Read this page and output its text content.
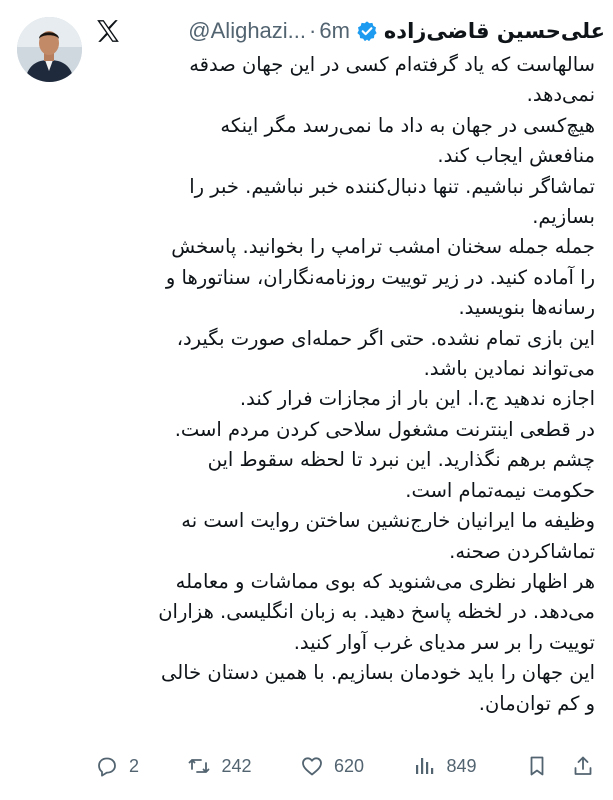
@Alighazi... · 6m علی‌حسین قاضی‌زاده

سالهاست که یاد گرفته‌ام کسی در این جهان صدقه

نمی‌دهد.

هیچ‌کسی در جهان به داد ما نمی‌رسد مگر اینکه

منافعش ایجاب کند.

تماشاگر نباشیم. تنها دنبال‌کننده خبر نباشیم. خبر را

بسازیم.

جمله جمله سخنان امشب ترامپ را بخوانید. پاسخش

را آماده کنید. در زیر توییت روزنامه‌نگاران، سناتورها و

رسانه‌ها بنویسید.

این بازی تمام نشده. حتی اگر حمله‌ای صورت بگیرد،

می‌تواند نمادین باشد.

اجازه ندهید ج.ا. این بار از مجازات فرار کند.

در قطعی اینترنت مشغول سلاحی کردن مردم است.

چشم برهم نگذارید. این نبرد تا لحظه سقوط این

حکومت نیمه‌تمام است.

وظیفه ما ایرانیان خارج‌نشین ساختن روایت است نه

تماشاکردن صحنه.

هر اظهار نظری می‌شنوید که بوی مماشات و معامله

می‌دهد. در لخظه پاسخ دهید. به زبان انگلیسی. هزاران

توییت را بر سر مدیای غرب آوار کنید.

این جهان را باید خودمان بسازیم. با همین دستان خالی

و کم توان‌مان.

2	242	620	849
